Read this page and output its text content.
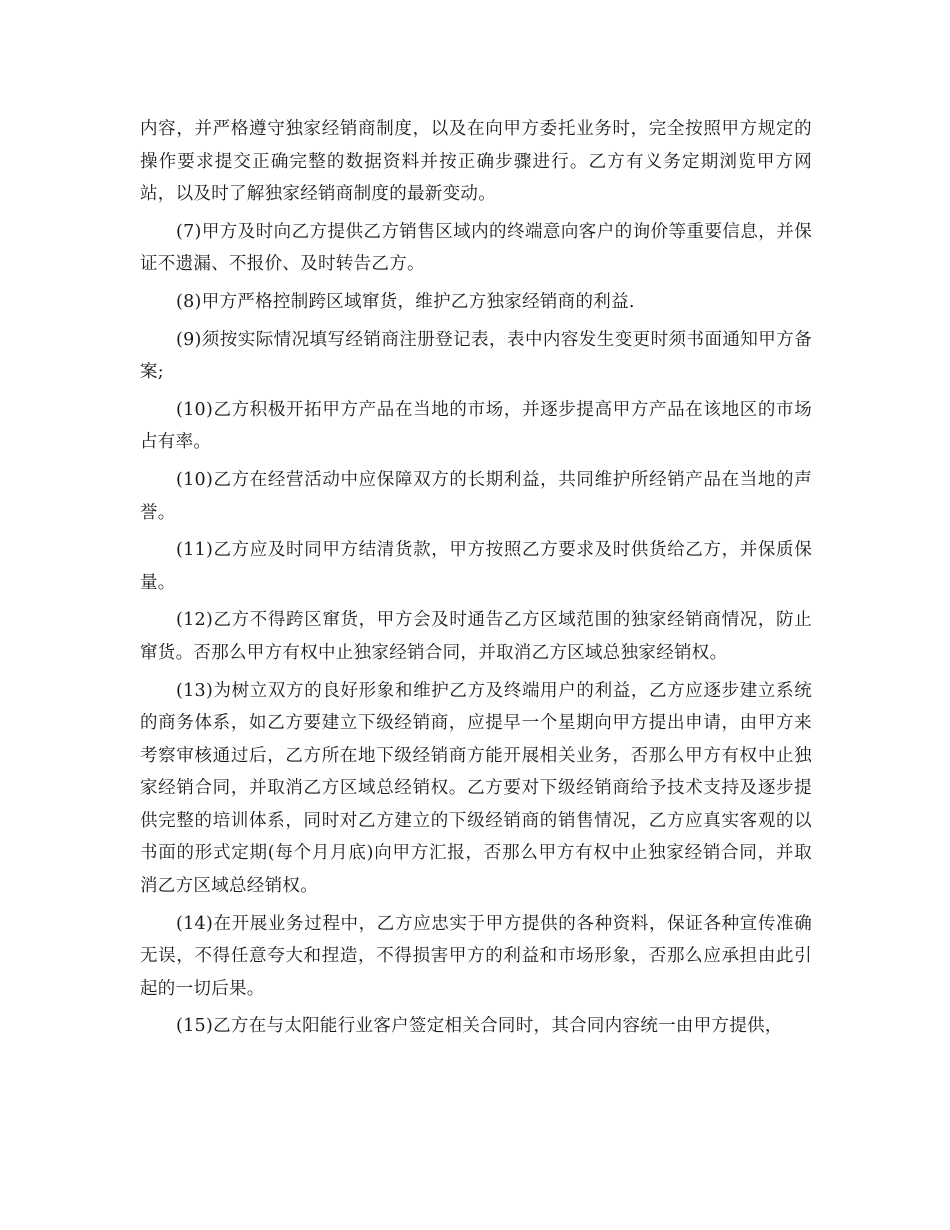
内容，并严格遵守独家经销商制度，以及在向甲方委托业务时，完全按照甲方规定的操作要求提交正确完整的数据资料并按正确步骤进行。乙方有义务定期浏览甲方网站，以及时了解独家经销商制度的最新变动。

(7)甲方及时向乙方提供乙方销售区域内的终端意向客户的询价等重要信息，并保证不遗漏、不报价、及时转告乙方。

(8)甲方严格控制跨区域窜货，维护乙方独家经销商的利益.

(9)须按实际情况填写经销商注册登记表，表中内容发生变更时须书面通知甲方备案;

(10)乙方积极开拓甲方产品在当地的市场，并逐步提高甲方产品在该地区的市场占有率。

(10)乙方在经营活动中应保障双方的长期利益，共同维护所经销产品在当地的声誉。

(11)乙方应及时同甲方结清货款，甲方按照乙方要求及时供货给乙方，并保质保量。

(12)乙方不得跨区窜货，甲方会及时通告乙方区域范围的独家经销商情况，防止窜货。否那么甲方有权中止独家经销合同，并取消乙方区域总独家经销权。

(13)为树立双方的良好形象和维护乙方及终端用户的利益，乙方应逐步建立系统的商务体系，如乙方要建立下级经销商，应提早一个星期向甲方提出申请，由甲方来考察审核通过后，乙方所在地下级经销商方能开展相关业务，否那么甲方有权中止独家经销合同，并取消乙方区域总经销权。乙方要对下级经销商给予技术支持及逐步提供完整的培训体系，同时对乙方建立的下级经销商的销售情况，乙方应真实客观的以书面的形式定期(每个月月底)向甲方汇报，否那么甲方有权中止独家经销合同，并取消乙方区域总经销权。

(14)在开展业务过程中，乙方应忠实于甲方提供的各种资料，保证各种宣传准确无误，不得任意夸大和捏造，不得损害甲方的利益和市场形象，否那么应承担由此引起的一切后果。

(15)乙方在与太阳能行业客户签定相关合同时，其合同内容统一由甲方提供，
